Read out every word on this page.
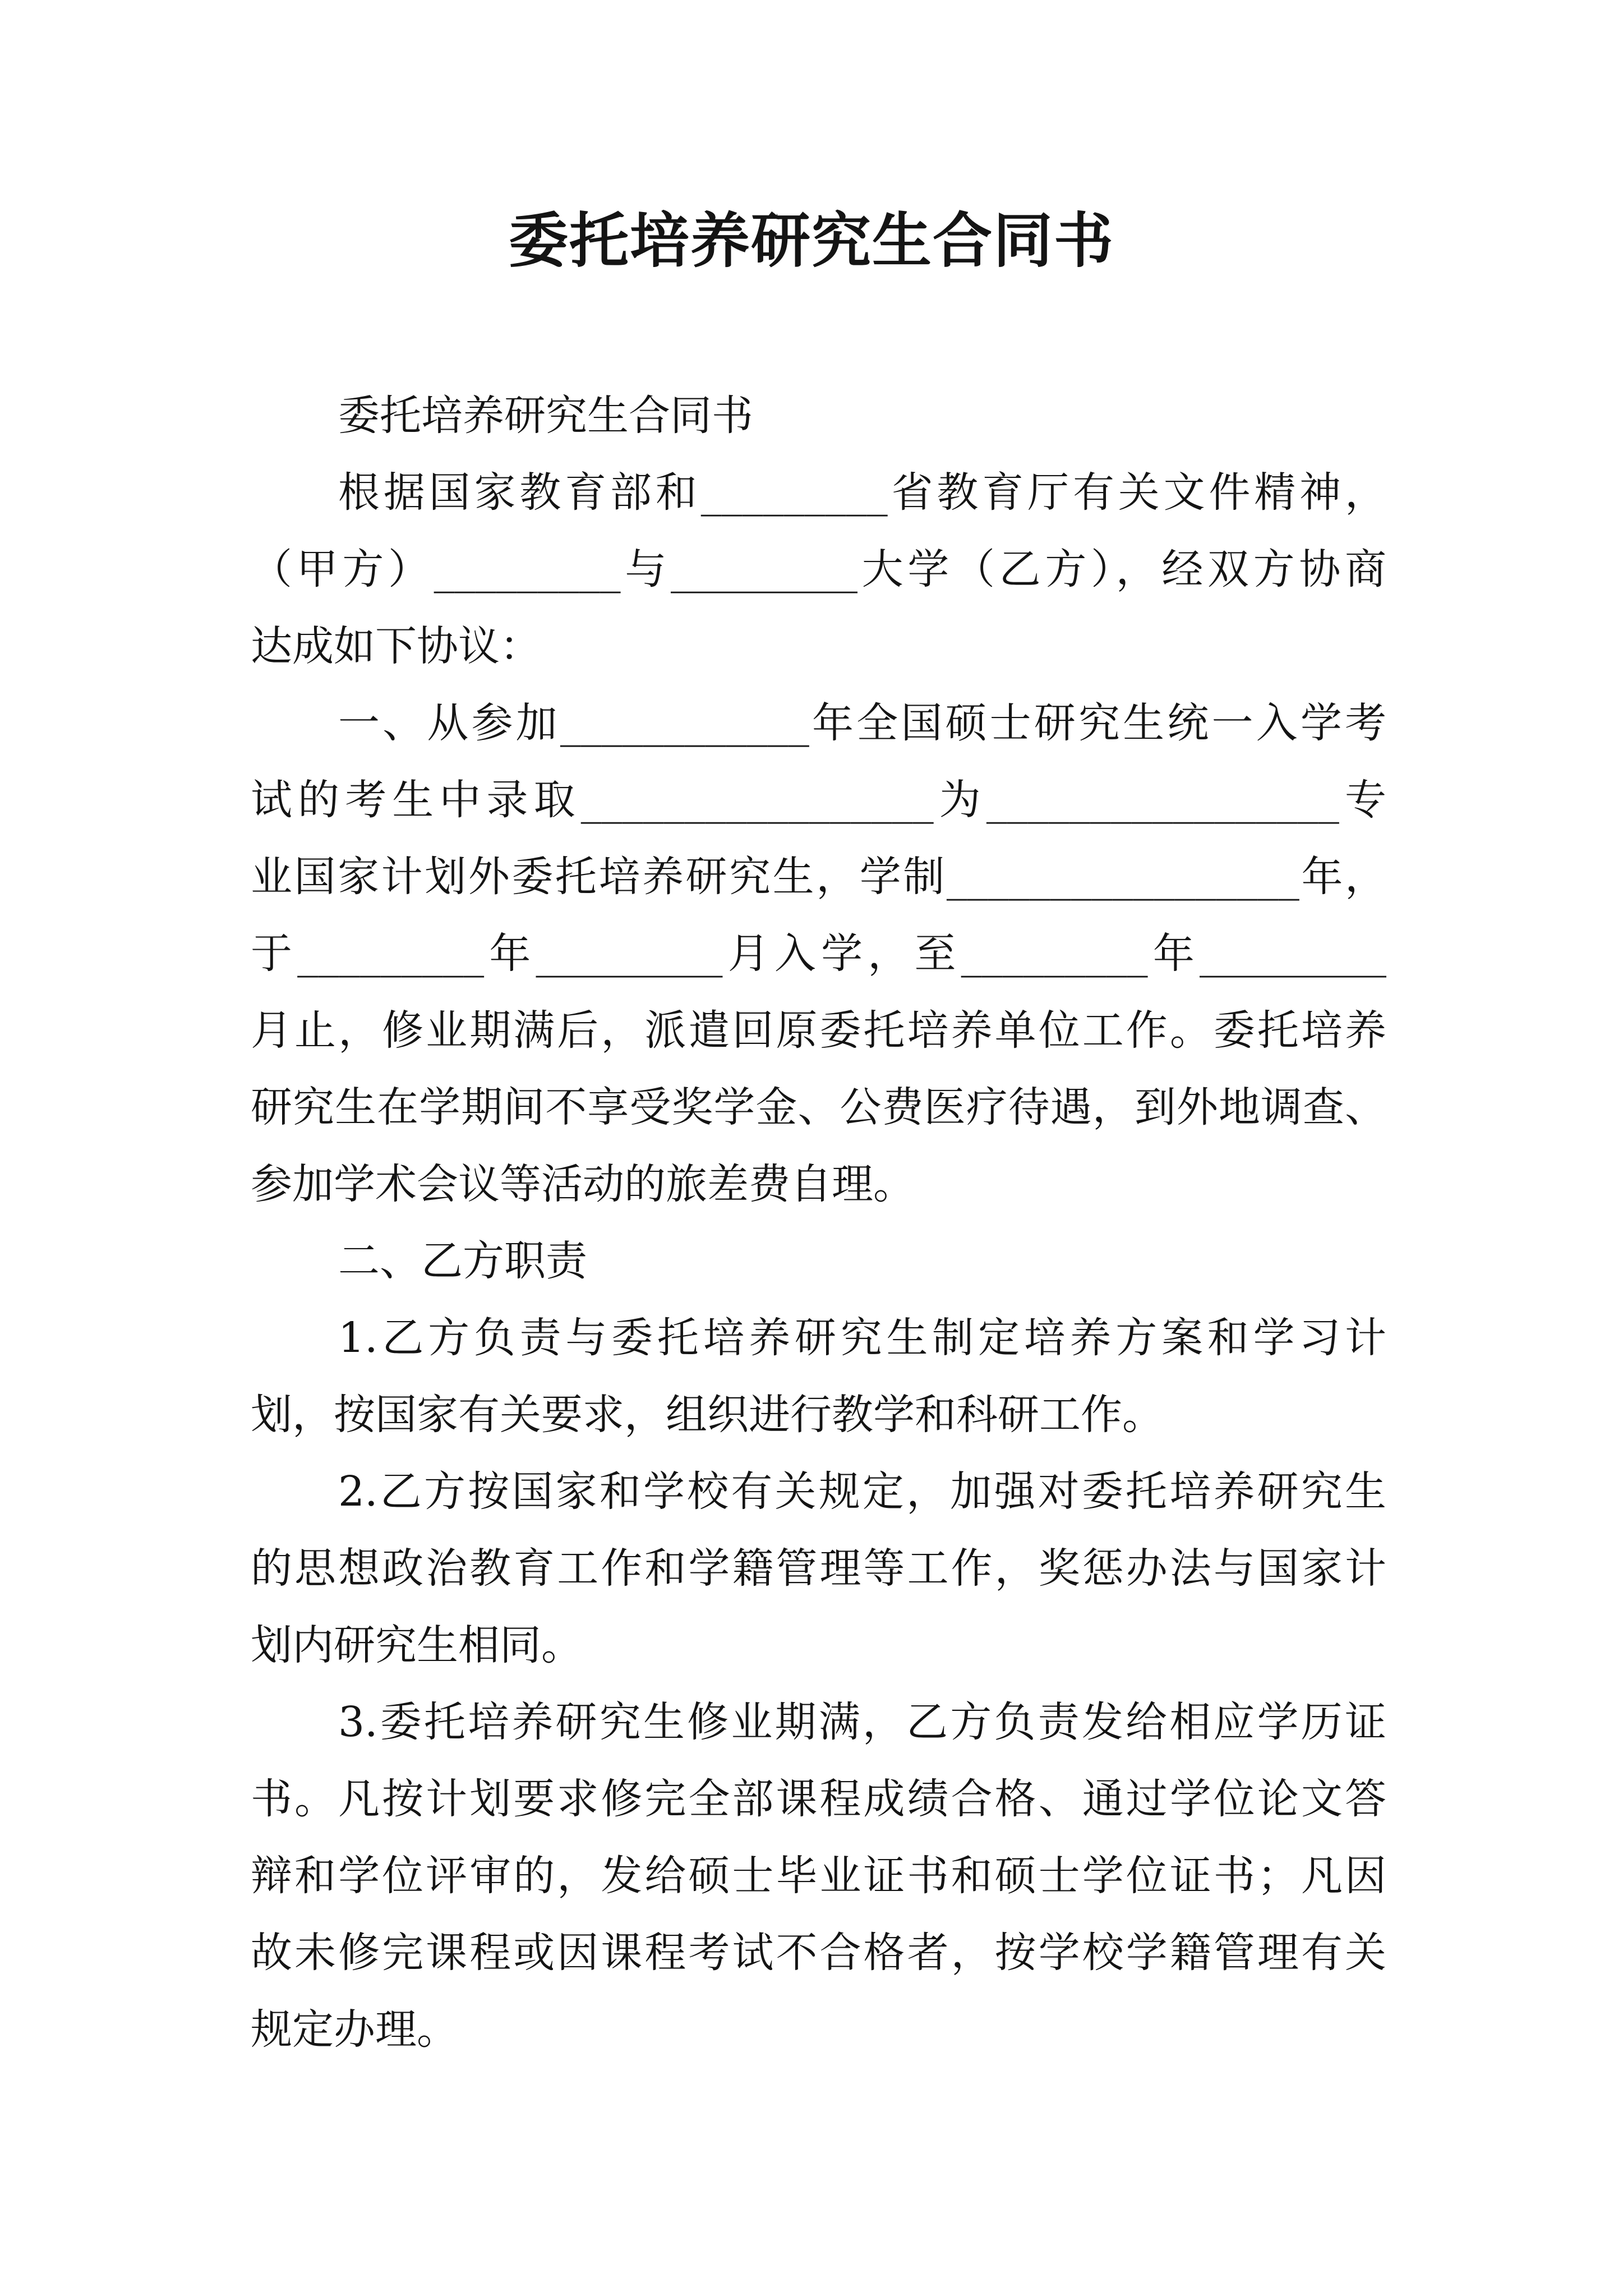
委托培养研究生合同书
委托培养研究生合同书
根据国家教育部和_________省教育厅有关文件精神，
（甲方）_________与_________大学（乙方），经双方协商
达成如下协议：
一、从参加____________年全国硕士研究生统一入学考
试的考生中录取_________________为_________________专
业国家计划外委托培养研究生，学制_________________年，
于_________年_________月入学，至_________年_________
月止，修业期满后，派遣回原委托培养单位工作。委托培养
研究生在学期间不享受奖学金、公费医疗待遇，到外地调查、
参加学术会议等活动的旅差费自理。
二、乙方职责
1.乙方负责与委托培养研究生制定培养方案和学习计
划，按国家有关要求，组织进行教学和科研工作。
2.乙方按国家和学校有关规定，加强对委托培养研究生
的思想政治教育工作和学籍管理等工作，奖惩办法与国家计
划内研究生相同。
3.委托培养研究生修业期满，乙方负责发给相应学历证
书。凡按计划要求修完全部课程成绩合格、通过学位论文答
辩和学位评审的，发给硕士毕业证书和硕士学位证书；凡因
故未修完课程或因课程考试不合格者，按学校学籍管理有关
规定办理。
